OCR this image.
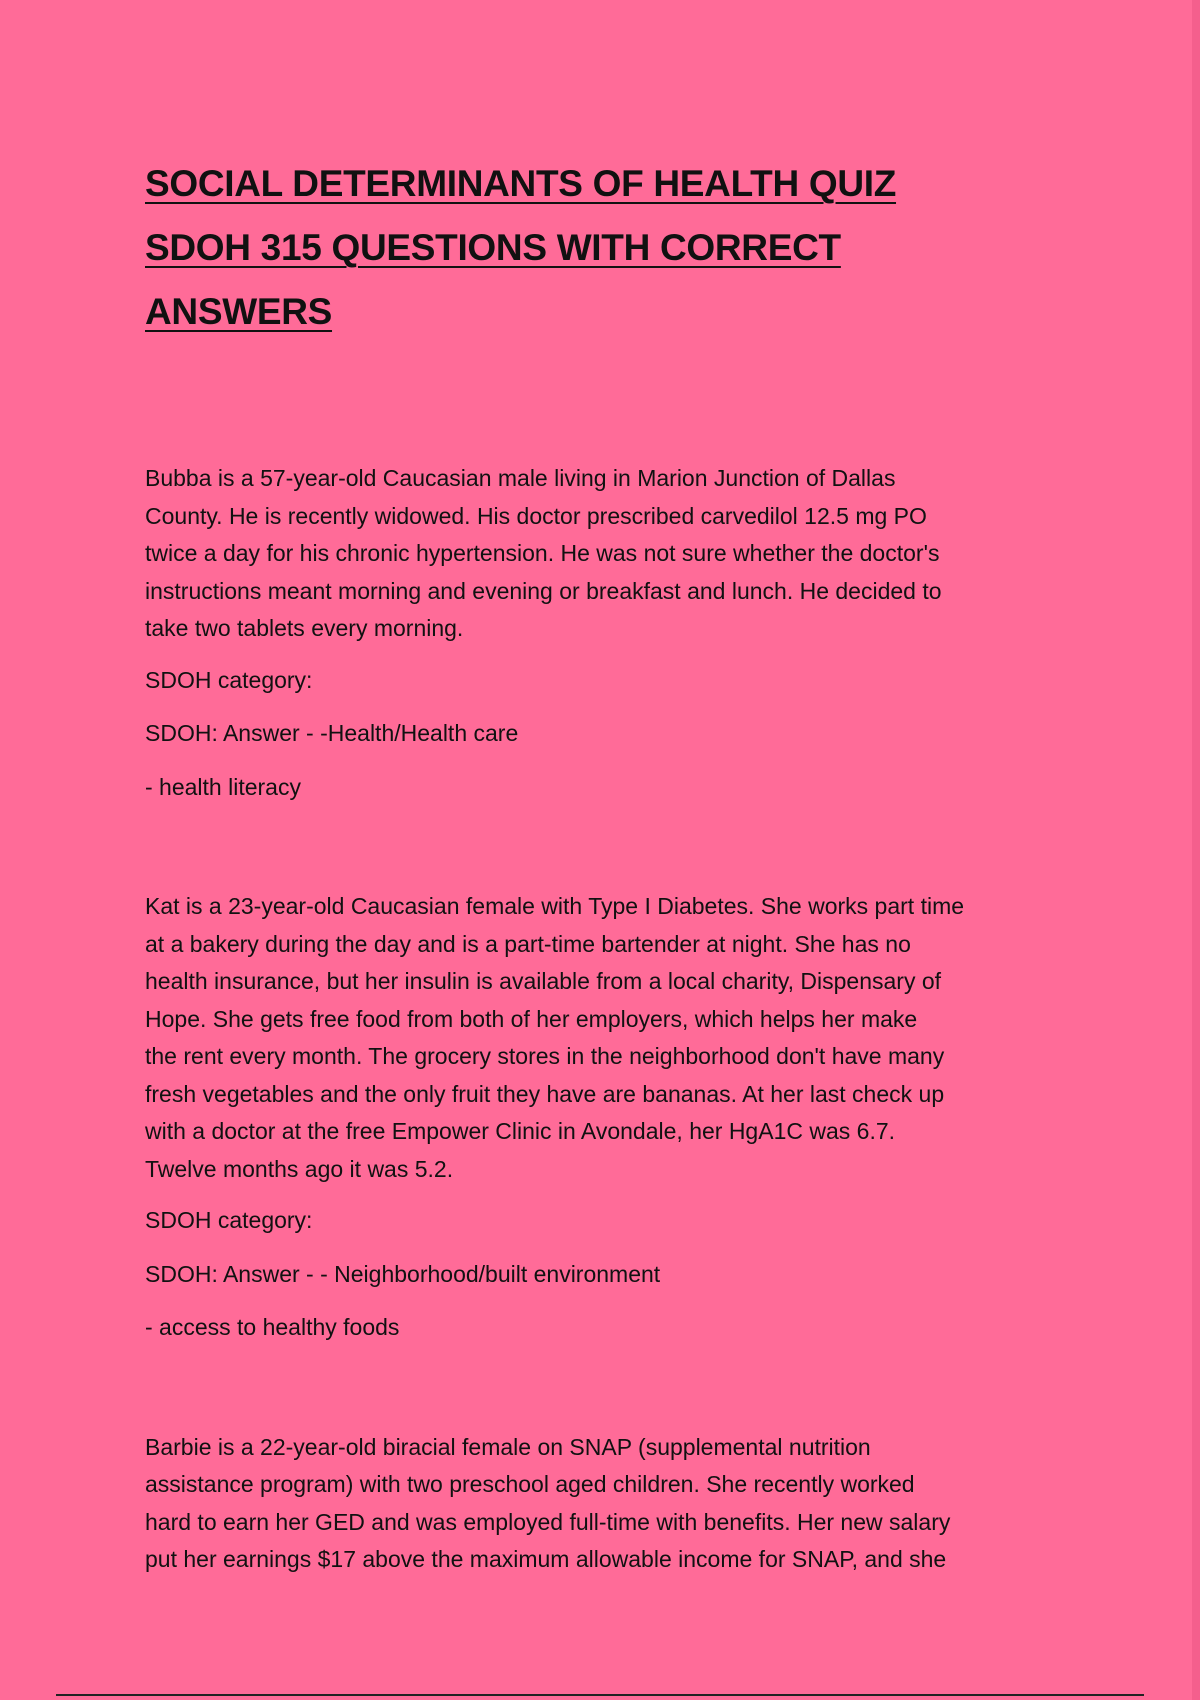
SOCIAL DETERMINANTS OF HEALTH QUIZ
SDOH 315 QUESTIONS WITH CORRECT
ANSWERS

Bubba is a 57-year-old Caucasian male living in Marion Junction of Dallas
County. He is recently widowed. His doctor prescribed carvedilol 12.5 mg PO
twice a day for his chronic hypertension. He was not sure whether the doctor's
instructions meant morning and evening or breakfast and lunch. He decided to
take two tablets every morning.

SDOH category:

SDOH: Answer - -Health/Health care

- health literacy

Kat is a 23-year-old Caucasian female with Type I Diabetes. She works part time
at a bakery during the day and is a part-time bartender at night. She has no
health insurance, but her insulin is available from a local charity, Dispensary of
Hope. She gets free food from both of her employers, which helps her make
the rent every month. The grocery stores in the neighborhood don't have many
fresh vegetables and the only fruit they have are bananas. At her last check up
with a doctor at the free Empower Clinic in Avondale, her HgA1C was 6.7.
Twelve months ago it was 5.2.

SDOH category:

SDOH: Answer - - Neighborhood/built environment

- access to healthy foods

Barbie is a 22-year-old biracial female on SNAP (supplemental nutrition
assistance program) with two preschool aged children. She recently worked
hard to earn her GED and was employed full-time with benefits. Her new salary
put her earnings $17 above the maximum allowable income for SNAP, and she
